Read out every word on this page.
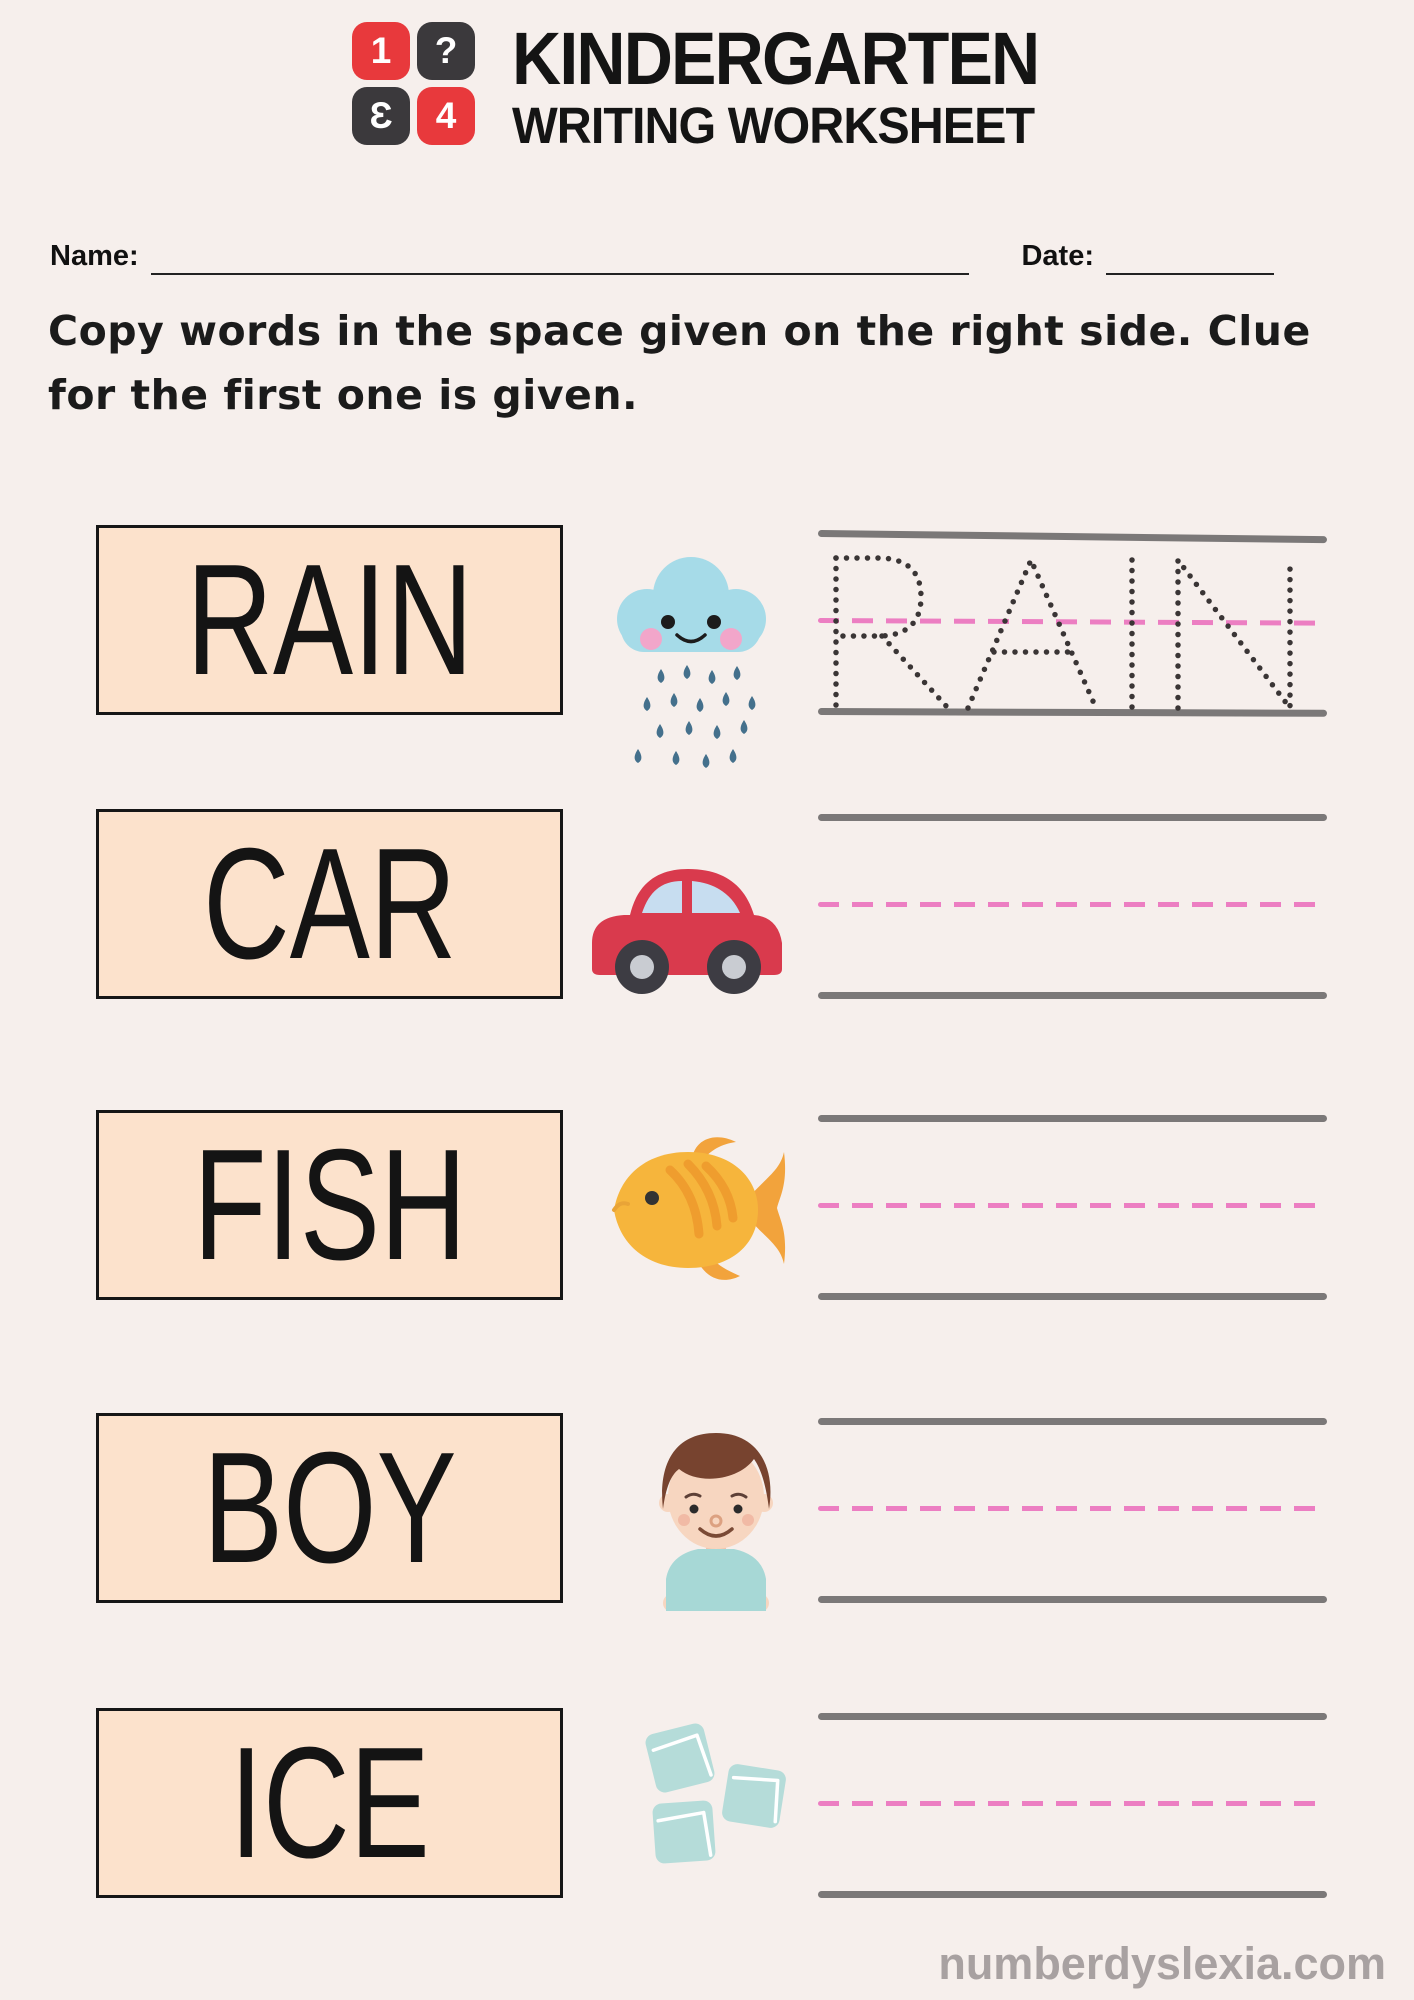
1	?
Ɛ	4
KINDERGARTEN
WRITING WORKSHEET
Name:	Date:
Copy words in the space given on the right side. Clue
for the first one is given.
RAIN
CAR
FISH
BOY
ICE
numberdyslexia.com
